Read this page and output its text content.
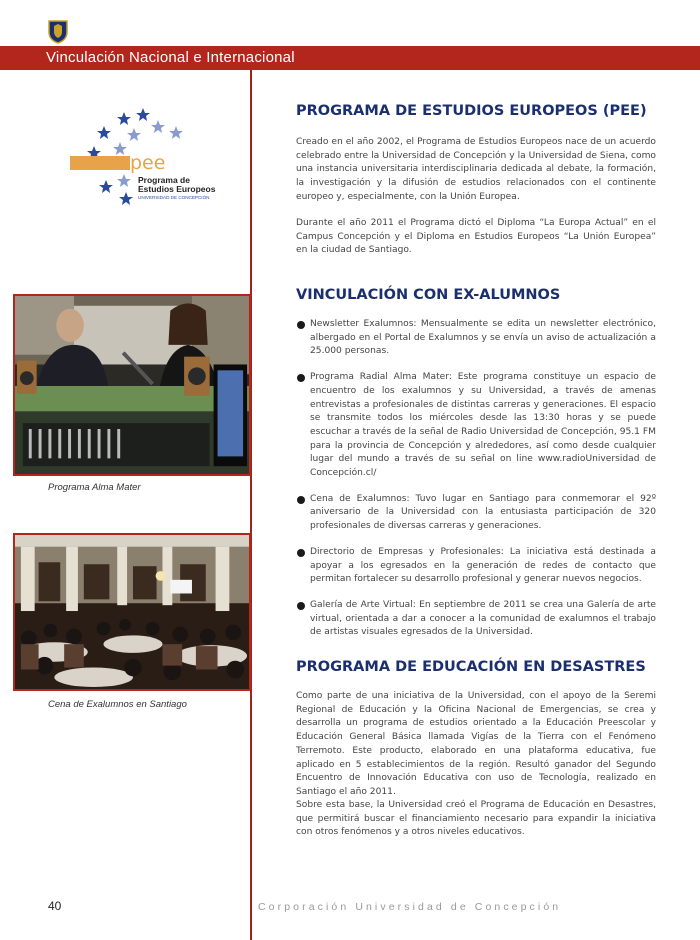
Vinculación Nacional e Internacional
pee
Programa de
Estudios Europeos
UNIVERSIDAD DE CONCEPCIÓN
Programa Alma Mater
Cena de Exalumnos en Santiago
PROGRAMA DE ESTUDIOS EUROPEOS (PEE)

Creado en el año 2002, el Programa de Estudios Europeos nace de un acuerdo celebrado entre la Universidad de Concepción y la Universidad de Siena, como una instancia universitaria interdisciplinaria dedicada al debate, la formación, la investigación y la difusión de estudios relacionados con el continente europeo y, especialmente, con la Unión Europea.

Durante el año 2011 el Programa dictó el Diploma “La Europa Actual” en el Campus Concepción y el Diploma en Estudios Europeos “La Unión Europea” en la ciudad de Santiago.

VINCULACIÓN CON EX-ALUMNOS
Newsletter Exalumnos: Mensualmente se edita un newsletter electrónico, albergado en el Portal de Exalumnos y se envía un aviso de actualización a 25.000 personas.
Programa Radial Alma Mater: Este programa constituye un espacio de encuentro de los exalumnos y su Universidad, a través de amenas entrevistas a profesionales de distintas carreras y generaciones. El espacio se transmite todos los miércoles desde las 13:30 horas y se puede escuchar a través de la señal de Radio Universidad de Concepción, 95.1 FM para la provincia de Concepción y alrededores, así como desde cualquier lugar del mundo a través de su señal on line www.radioUniversidad de Concepción.cl/
Cena de Exalumnos: Tuvo lugar en Santiago para conmemorar el 92º aniversario de la Universidad con la entusiasta participación de 320 profesionales de diversas carreras y generaciones.
Directorio de Empresas y Profesionales: La iniciativa está destinada a apoyar a los egresados en la generación de redes de contacto que permitan fortalecer su desarrollo profesional y generar nuevos negocios.
Galería de Arte Virtual: En septiembre de 2011 se crea una Galería de arte virtual, orientada a dar a conocer a la comunidad de exalumnos el trabajo de artistas visuales egresados de la Universidad.
PROGRAMA DE EDUCACIÓN EN DESASTRES

Como parte de una iniciativa de la Universidad, con el apoyo de la Seremi Regional de Educación y la Oficina Nacional de Emergencias, se crea y desarrolla un programa de estudios orientado a la Educación Preescolar y Educación General Básica llamada Vigías de la Tierra con el Fenómeno Terremoto. Este producto, elaborado en una plataforma educativa, fue aplicado en 5 establecimientos de la región. Resultó ganador del Segundo Encuentro de Innovación Educativa con uso de Tecnología, realizado en Santiago el año 2011.

Sobre esta base, la Universidad creó el Programa de Educación en Desastres, que permitirá buscar el financiamiento necesario para expandir la iniciativa con otros fenómenos y a otros niveles educativos.

40	Corporación Universidad de Concepción
